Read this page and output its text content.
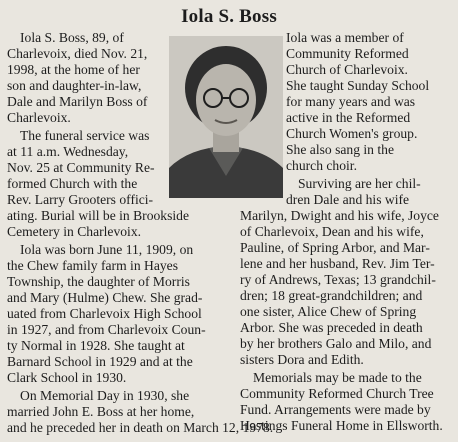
Iola S. Boss
Iola S. Boss, 89, of
Charlevoix, died Nov. 21,
1998, at the home of her
son and daughter-in-law,
Dale and Marilyn Boss of
Charlevoix.
The funeral service was
at 11 a.m. Wednesday,
Nov. 25 at Community Re-
formed Church with the
Rev. Larry Grooters offici-
ating. Burial will be in Brookside
Cemetery in Charlevoix.
Iola was born June 11, 1909, on
the Chew family farm in Hayes
Township, the daughter of Morris
and Mary (Hulme) Chew. She grad-
uated from Charlevoix High School
in 1927, and from Charlevoix Coun-
ty Normal in 1928. She taught at
Barnard School in 1929 and at the
Clark School in 1930.
On Memorial Day in 1930, she
married John E. Boss at her home,
and he preceded her in death on March 12, 1978.
Iola was a member of
Community Reformed
Church of Charlevoix.
She taught Sunday School
for many years and was
active in the Reformed
Church Women's group.
She also sang in the
church choir.
Surviving are her chil-
dren Dale and his wife
Marilyn, Dwight and his wife, Joyce
of Charlevoix, Dean and his wife,
Pauline, of Spring Arbor, and Mar-
lene and her husband, Rev. Jim Ter-
ry of Andrews, Texas; 13 grandchil-
dren; 18 great-grandchildren; and
one sister, Alice Chew of Spring
Arbor. She was preceded in death
by her brothers Galo and Milo, and
sisters Dora and Edith.
Memorials may be made to the
Community Reformed Church Tree
Fund. Arrangements were made by
Hastings Funeral Home in Ellsworth.
